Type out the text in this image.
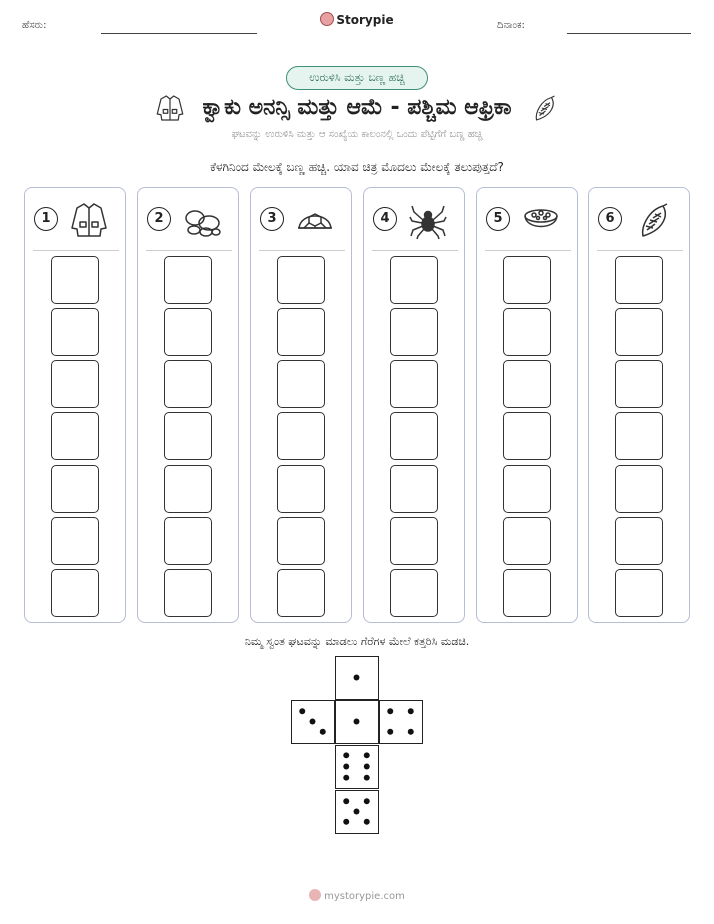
ಹೆಸರು:	Storypie	ದಿನಾಂಕ:
ಉರುಳಿಸಿ ಮತ್ತು ಬಣ್ಣ ಹಚ್ಚಿ
ಕ್ವಾಕು ಅನನ್ಸಿ ಮತ್ತು ಆಮೆ - ಪಶ್ಚಿಮ ಆಫ್ರಿಕಾ
ಘಟವನ್ನು ಉರುಳಿಸಿ ಮತ್ತು ಆ ಸಂಖ್ಯೆಯ ಕಾಲಂನಲ್ಲಿ ಒಂದು ಪೆಟ್ಟಿಗೆಗೆ ಬಣ್ಣ ಹಚ್ಚಿ
ಕೆಳಗಿನಿಂದ ಮೇಲಕ್ಕೆ ಬಣ್ಣ ಹಚ್ಚಿ. ಯಾವ ಚಿತ್ರ ಮೊದಲು ಮೇಲಕ್ಕೆ ತಲುಪುತ್ತದೆ?
1	2	3	4	5	6
ನಿಮ್ಮ ಸ್ವಂತ ಘಟವನ್ನು ಮಾಡಲು ಗೆರೆಗಳ ಮೇಲೆ ಕತ್ತರಿಸಿ ಮಡಚಿ.
mystorypie.com
